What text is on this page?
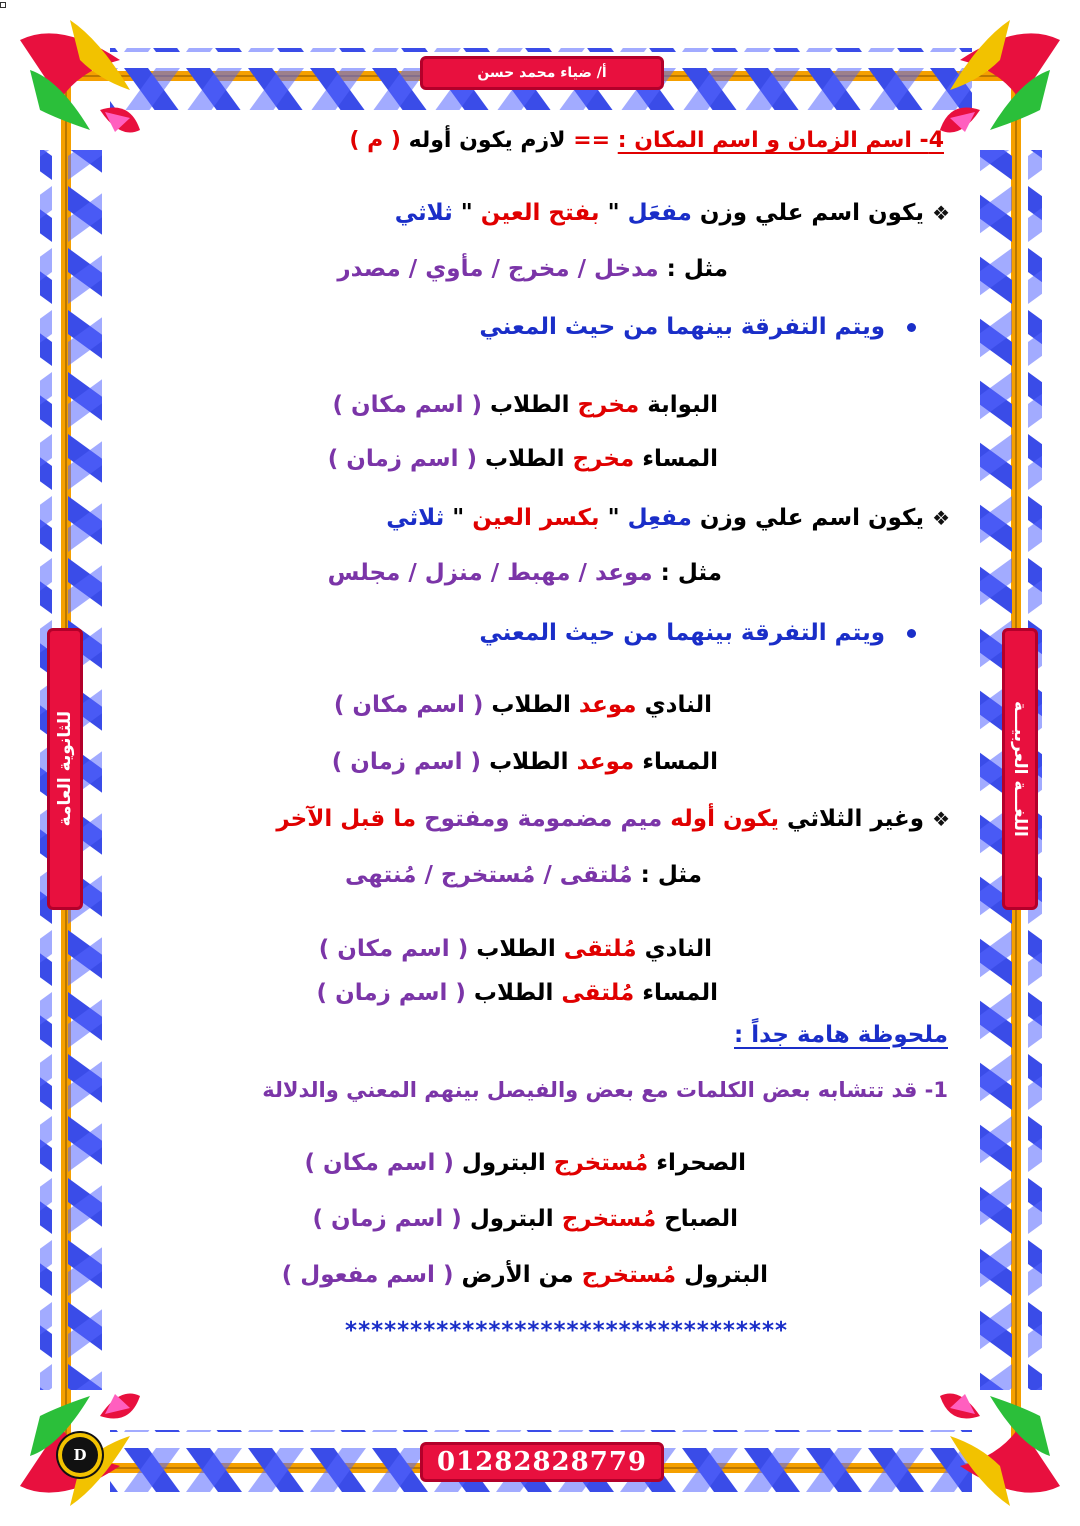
أ/ ضياء محمد حسن
01282828779
للثانوية العامة	اللغـــة العربيـــة
D
4- اسم الزمان و اسم المكان : == لازم يكون أوله ( م )
❖ يكون اسم علي وزن مفعَل " بفتح العين " ثلاثي
مثل : مدخل / مخرج / مأوي / مصدر
ويتم التفرقة بينهما من حيث المعني
البوابة مخرج الطلاب ( اسم مكان )
المساء مخرج الطلاب ( اسم زمان )
❖ يكون اسم علي وزن مفعِل " بكسر العين " ثلاثي
مثل : موعد / مهبط / منزل / مجلس
ويتم التفرقة بينهما من حيث المعني
النادي موعد الطلاب ( اسم مكان )
المساء موعد الطلاب ( اسم زمان )
❖ وغير الثلاثي يكون أوله ميم مضمومة ومفتوح ما قبل الآخر
مثل : مُلتقى / مُستخرج / مُنتهى
النادي مُلتقى الطلاب ( اسم مكان )
المساء مُلتقى الطلاب ( اسم زمان )
ملحوظة هامة جداً :
1- قد تتشابه بعض الكلمات مع بعض والفيصل بينهم المعني والدلالة
الصحراء مُستخرج البترول ( اسم مكان )
الصباح مُستخرج البترول ( اسم زمان )
البترول مُستخرج من الأرض ( اسم مفعول )
**********************************
